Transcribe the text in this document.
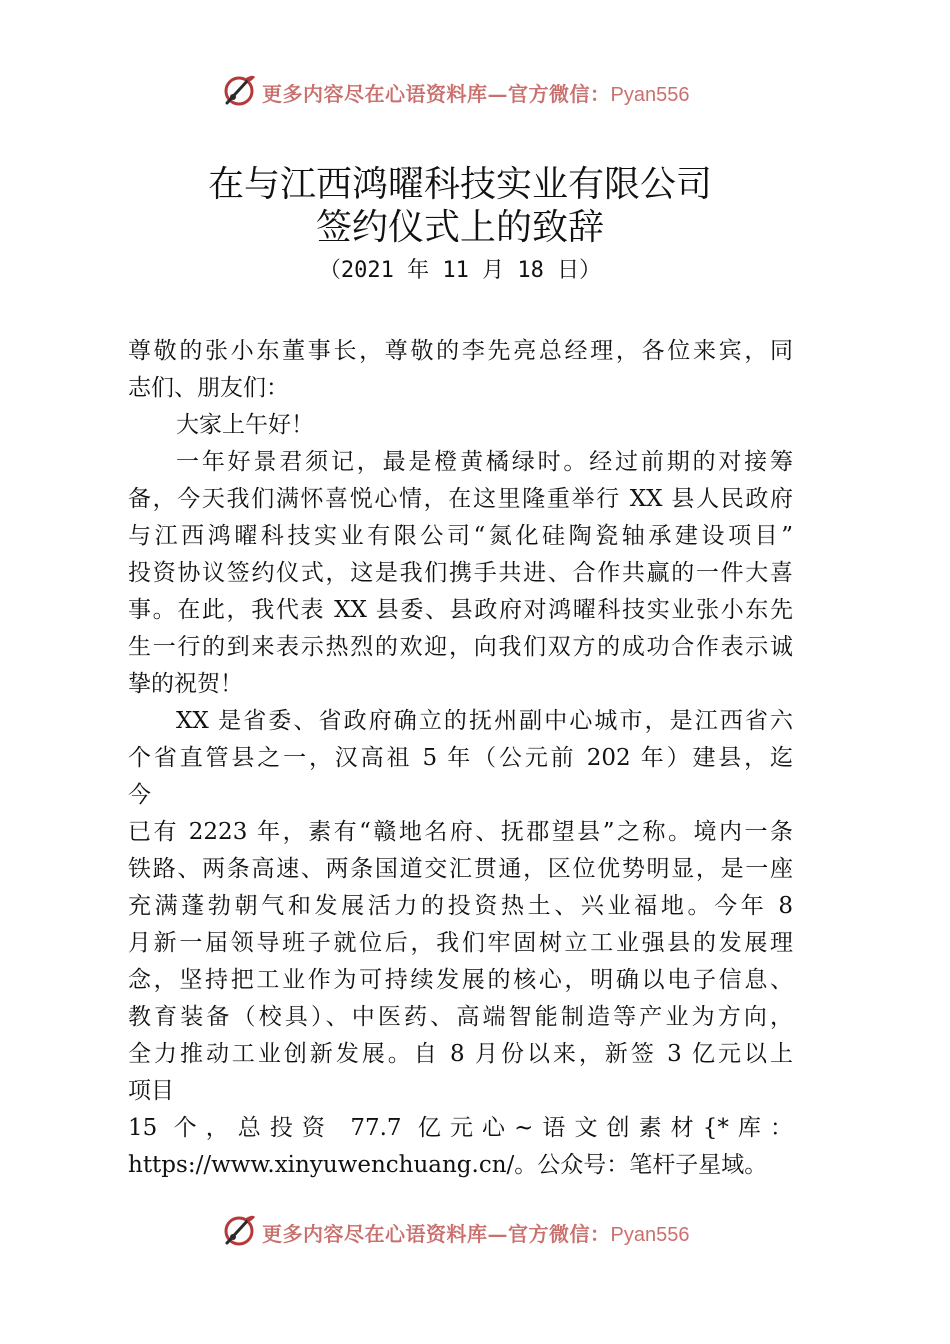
更多内容尽在心语资料库—官方微信：Pyan556
在与江西鸿曜科技实业有限公司
签约仪式上的致辞
（2021 年 11 月 18 日）
尊敬的张小东董事长，尊敬的李先亮总经理，各位来宾，同
志们、朋友们：
大家上午好！
一年好景君须记，最是橙黄橘绿时。经过前期的对接筹
备，今天我们满怀喜悦心情，在这里隆重举行 XX 县人民政府
与江西鸿曜科技实业有限公司“氮化硅陶瓷轴承建设项目”
投资协议签约仪式，这是我们携手共进、合作共赢的一件大喜
事。在此，我代表 XX 县委、县政府对鸿曜科技实业张小东先
生一行的到来表示热烈的欢迎，向我们双方的成功合作表示诚
挚的祝贺！
XX 是省委、省政府确立的抚州副中心城市，是江西省六
个省直管县之一，汉高祖 5 年（公元前 202 年）建县，迄
今
已有 2223 年，素有“赣地名府、抚郡望县”之称。境内一条
铁路、两条高速、两条国道交汇贯通，区位优势明显，是一座
充满蓬勃朝气和发展活力的投资热土、兴业福地。今年 8
月新一届领导班子就位后，我们牢固树立工业强县的发展理
念，坚持把工业作为可持续发展的核心，明确以电子信息、
教育装备（校具）、中医药、高端智能制造等产业为方向，
全力推动工业创新发展。自 8 月份以来，新签 3 亿元以上
项目
15 个，总投资 77.7 亿元心~语文创素材{*库：
https://www.xinyuwenchuang.cn/。公众号：笔杆子星域。
更多内容尽在心语资料库—官方微信：Pyan556
